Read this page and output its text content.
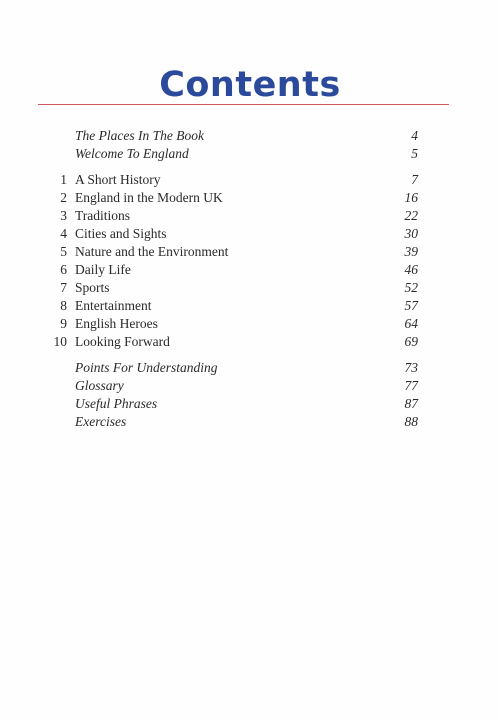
Contents
The Places In The Book	4
Welcome To England	5
1 A Short History	7
2 England in the Modern UK	16
3 Traditions	22
4 Cities and Sights	30
5 Nature and the Environment	39
6 Daily Life	46
7 Sports	52
8 Entertainment	57
9 English Heroes	64
10 Looking Forward	69
Points For Understanding	73
Glossary	77
Useful Phrases	87
Exercises	88
